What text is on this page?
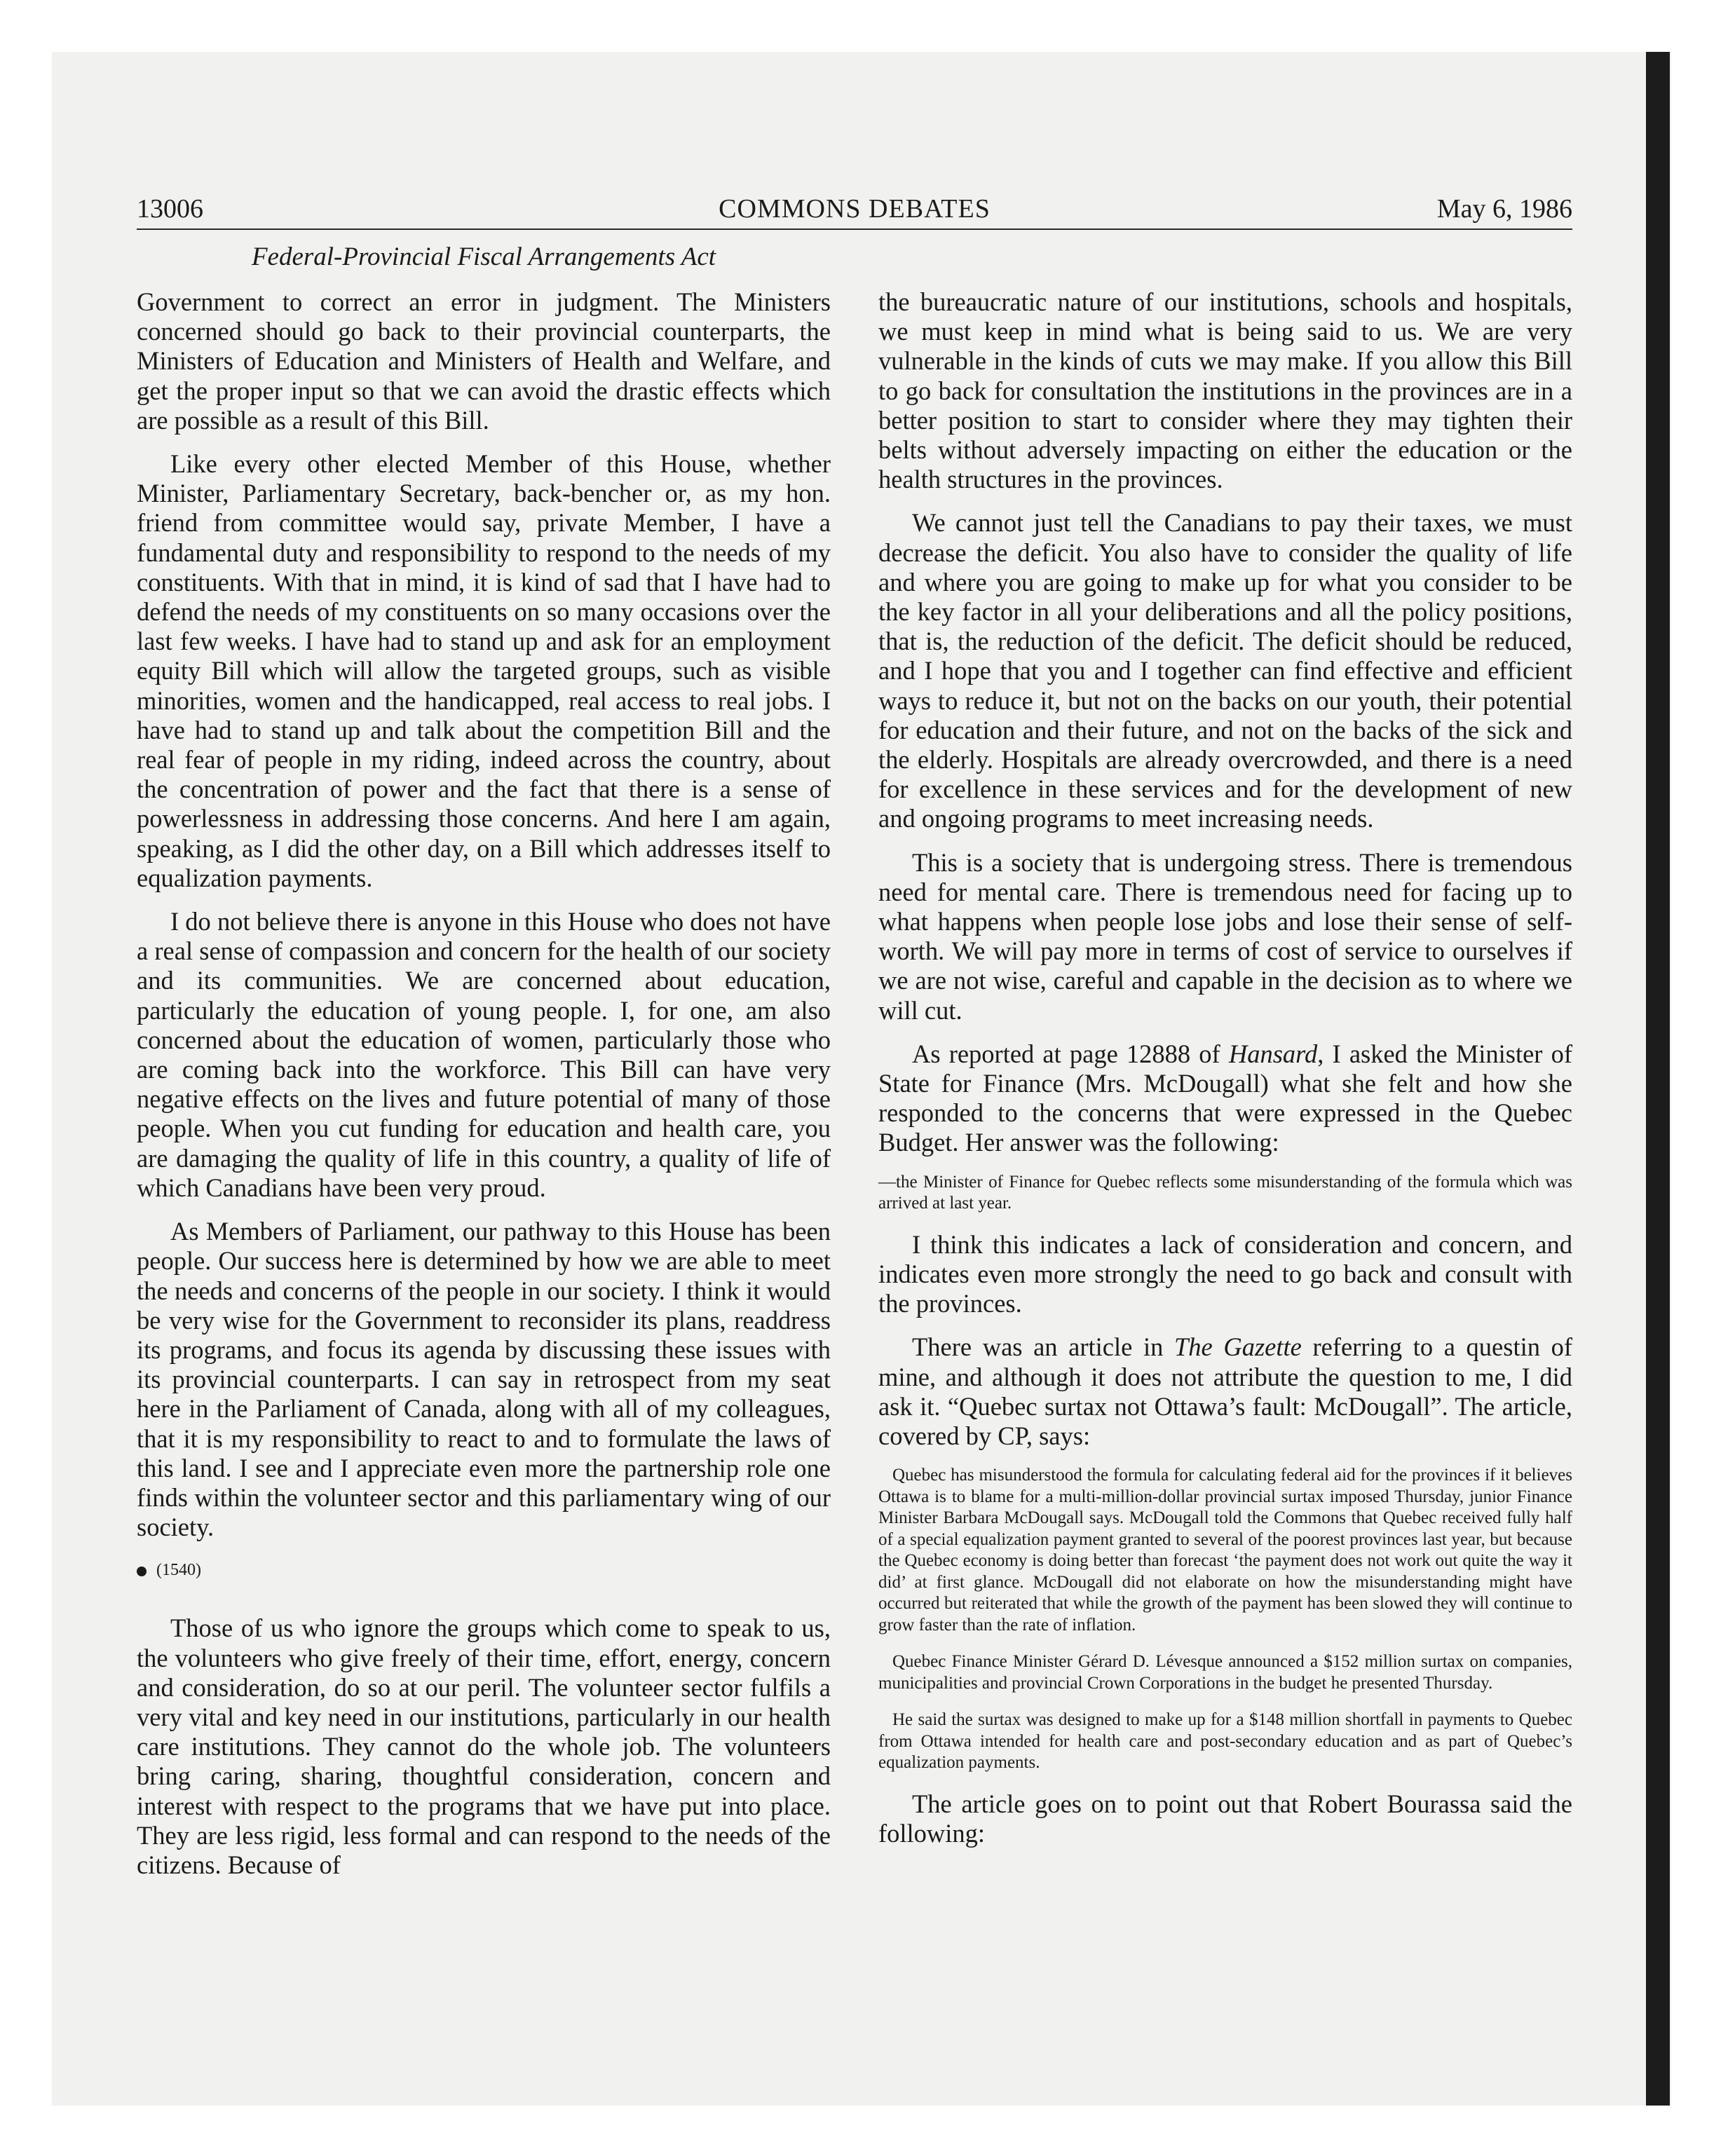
13006	COMMONS DEBATES	May 6, 1986
Federal-Provincial Fiscal Arrangements Act

Government to correct an error in judgment. The Ministers concerned should go back to their provincial counterparts, the Ministers of Education and Ministers of Health and Welfare, and get the proper input so that we can avoid the drastic effects which are possible as a result of this Bill.

Like every other elected Member of this House, whether Minister, Parliamentary Secretary, back-bencher or, as my hon. friend from committee would say, private Member, I have a fundamental duty and responsibility to respond to the needs of my constituents. With that in mind, it is kind of sad that I have had to defend the needs of my constituents on so many occasions over the last few weeks. I have had to stand up and ask for an employment equity Bill which will allow the targeted groups, such as visible minorities, women and the handicapped, real access to real jobs. I have had to stand up and talk about the competition Bill and the real fear of people in my riding, indeed across the country, about the concentration of power and the fact that there is a sense of powerlessness in addressing those concerns. And here I am again, speaking, as I did the other day, on a Bill which addresses itself to equalization payments.

I do not believe there is anyone in this House who does not have a real sense of compassion and concern for the health of our society and its communities. We are concerned about education, particularly the education of young people. I, for one, am also concerned about the education of women, particularly those who are coming back into the workforce. This Bill can have very negative effects on the lives and future potential of many of those people. When you cut funding for education and health care, you are damaging the quality of life in this country, a quality of life of which Canadians have been very proud.

As Members of Parliament, our pathway to this House has been people. Our success here is determined by how we are able to meet the needs and concerns of the people in our society. I think it would be very wise for the Government to reconsider its plans, readdress its programs, and focus its agenda by discussing these issues with its provincial counterparts. I can say in retrospect from my seat here in the Parliament of Canada, along with all of my colleagues, that it is my responsibility to react to and to formulate the laws of this land. I see and I appreciate even more the partnership role one finds within the volunteer sector and this parliamentary wing of our society.

(1540)

Those of us who ignore the groups which come to speak to us, the volunteers who give freely of their time, effort, energy, concern and consideration, do so at our peril. The volunteer sector fulfils a very vital and key need in our institutions, particularly in our health care institutions. They cannot do the whole job. The volunteers bring caring, sharing, thoughtful consideration, concern and interest with respect to the programs that we have put into place. They are less rigid, less formal and can respond to the needs of the citizens. Because of

the bureaucratic nature of our institutions, schools and hospitals, we must keep in mind what is being said to us. We are very vulnerable in the kinds of cuts we may make. If you allow this Bill to go back for consultation the institutions in the provinces are in a better position to start to consider where they may tighten their belts without adversely impacting on either the education or the health structures in the provinces.

We cannot just tell the Canadians to pay their taxes, we must decrease the deficit. You also have to consider the quality of life and where you are going to make up for what you consider to be the key factor in all your deliberations and all the policy positions, that is, the reduction of the deficit. The deficit should be reduced, and I hope that you and I together can find effective and efficient ways to reduce it, but not on the backs on our youth, their potential for education and their future, and not on the backs of the sick and the elderly. Hospitals are already overcrowded, and there is a need for excellence in these services and for the development of new and ongoing programs to meet increasing needs.

This is a society that is undergoing stress. There is tremendous need for mental care. There is tremendous need for facing up to what happens when people lose jobs and lose their sense of self-worth. We will pay more in terms of cost of service to ourselves if we are not wise, careful and capable in the decision as to where we will cut.

As reported at page 12888 of Hansard, I asked the Minister of State for Finance (Mrs. McDougall) what she felt and how she responded to the concerns that were expressed in the Quebec Budget. Her answer was the following:

—the Minister of Finance for Quebec reflects some misunderstanding of the formula which was arrived at last year.

I think this indicates a lack of consideration and concern, and indicates even more strongly the need to go back and consult with the provinces.

There was an article in The Gazette referring to a questin of mine, and although it does not attribute the question to me, I did ask it. “Quebec surtax not Ottawa’s fault: McDougall”. The article, covered by CP, says:

Quebec has misunderstood the formula for calculating federal aid for the provinces if it believes Ottawa is to blame for a multi-million-dollar provincial surtax imposed Thursday, junior Finance Minister Barbara McDougall says. McDougall told the Commons that Quebec received fully half of a special equalization payment granted to several of the poorest provinces last year, but because the Quebec economy is doing better than forecast ‘the payment does not work out quite the way it did’ at first glance. McDougall did not elaborate on how the misunderstanding might have occurred but reiterated that while the growth of the payment has been slowed they will continue to grow faster than the rate of inflation.
Quebec Finance Minister Gérard D. Lévesque announced a $152 million surtax on companies, municipalities and provincial Crown Corporations in the budget he presented Thursday.
He said the surtax was designed to make up for a $148 million shortfall in payments to Quebec from Ottawa intended for health care and post-secondary education and as part of Quebec’s equalization payments.

The article goes on to point out that Robert Bourassa said the following:
